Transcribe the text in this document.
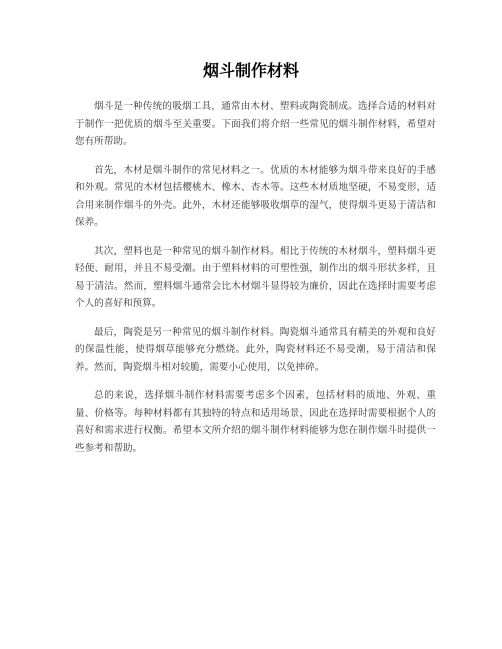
烟斗制作材料

烟斗是一种传统的吸烟工具，通常由木材、塑料或陶瓷制成。选择合适的材料对于制作一把优质的烟斗至关重要。下面我们将介绍一些常见的烟斗制作材料，希望对您有所帮助。

首先，木材是烟斗制作的常见材料之一。优质的木材能够为烟斗带来良好的手感和外观。常见的木材包括樱桃木、橡木、杏木等。这些木材质地坚硬，不易变形，适合用来制作烟斗的外壳。此外，木材还能够吸收烟草的湿气，使得烟斗更易于清洁和保养。

其次，塑料也是一种常见的烟斗制作材料。相比于传统的木材烟斗，塑料烟斗更轻便、耐用，并且不易受潮。由于塑料材料的可塑性强，制作出的烟斗形状多样，且易于清洁。然而，塑料烟斗通常会比木材烟斗显得较为廉价，因此在选择时需要考虑个人的喜好和预算。

最后，陶瓷是另一种常见的烟斗制作材料。陶瓷烟斗通常具有精美的外观和良好的保温性能，使得烟草能够充分燃烧。此外，陶瓷材料还不易受潮，易于清洁和保养。然而，陶瓷烟斗相对较脆，需要小心使用，以免摔碎。

总的来说，选择烟斗制作材料需要考虑多个因素，包括材料的质地、外观、重量、价格等。每种材料都有其独特的特点和适用场景，因此在选择时需要根据个人的喜好和需求进行权衡。希望本文所介绍的烟斗制作材料能够为您在制作烟斗时提供一些参考和帮助。
